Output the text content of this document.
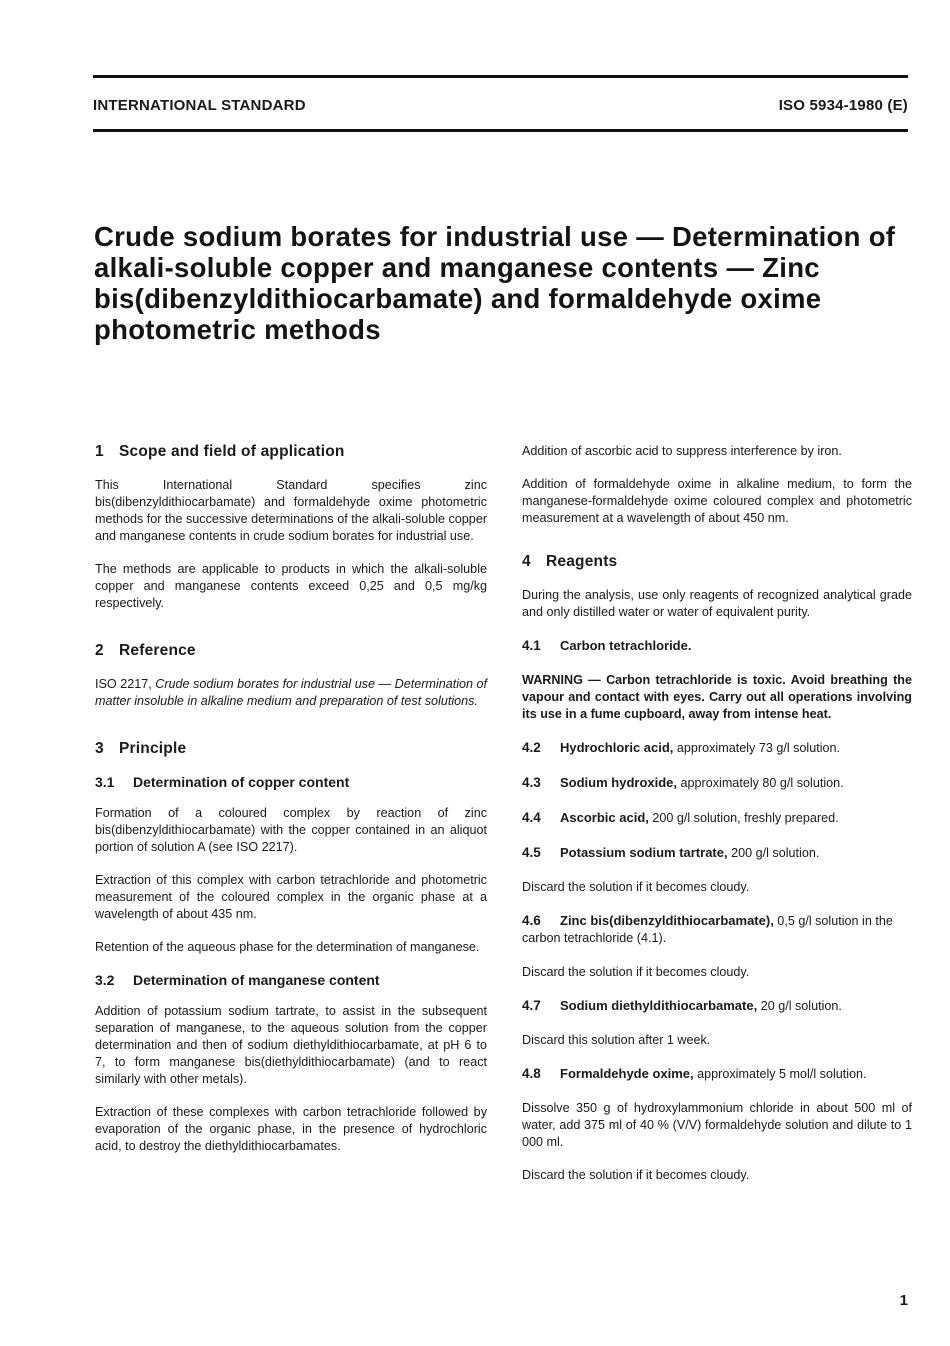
INTERNATIONAL STANDARD	ISO 5934-1980 (E)
Crude sodium borates for industrial use — Determination of alkali-soluble copper and manganese contents — Zinc bis(dibenzyldithiocarbamate) and formaldehyde oxime photometric methods
1 Scope and field of application

This International Standard specifies zinc bis(dibenzyldithiocarbamate) and formaldehyde oxime photometric methods for the successive determinations of the alkali-soluble copper and manganese contents in crude sodium borates for industrial use.

The methods are applicable to products in which the alkali-soluble copper and manganese contents exceed 0,25 and 0,5 mg/kg respectively.

2 Reference

ISO 2217, Crude sodium borates for industrial use — Determination of matter insoluble in alkaline medium and preparation of test solutions.

3 Principle
3.1 Determination of copper content

Formation of a coloured complex by reaction of zinc bis(dibenzyldithiocarbamate) with the copper contained in an aliquot portion of solution A (see ISO 2217).

Extraction of this complex with carbon tetrachloride and photometric measurement of the coloured complex in the organic phase at a wavelength of about 435 nm.

Retention of the aqueous phase for the determination of manganese.

3.2 Determination of manganese content

Addition of potassium sodium tartrate, to assist in the subsequent separation of manganese, to the aqueous solution from the copper determination and then of sodium diethyldithiocarbamate, at pH 6 to 7, to form manganese bis(diethyldithiocarbamate) (and to react similarly with other metals).

Extraction of these complexes with carbon tetrachloride followed by evaporation of the organic phase, in the presence of hydrochloric acid, to destroy the diethyldithiocarbamates.

Addition of ascorbic acid to suppress interference by iron.

Addition of formaldehyde oxime in alkaline medium, to form the manganese-formaldehyde oxime coloured complex and photometric measurement at a wavelength of about 450 nm.

4 Reagents

During the analysis, use only reagents of recognized analytical grade and only distilled water or water of equivalent purity.

4.1 Carbon tetrachloride.
WARNING — Carbon tetrachloride is toxic. Avoid breathing the vapour and contact with eyes. Carry out all operations involving its use in a fume cupboard, away from intense heat.
4.2 Hydrochloric acid, approximately 73 g/l solution.
4.3 Sodium hydroxide, approximately 80 g/l solution.
4.4 Ascorbic acid, 200 g/l solution, freshly prepared.
4.5 Potassium sodium tartrate, 200 g/l solution.

Discard the solution if it becomes cloudy.

4.6 Zinc bis(dibenzyldithiocarbamate), 0,5 g/l solution in the carbon tetrachloride (4.1).

Discard the solution if it becomes cloudy.

4.7 Sodium diethyldithiocarbamate, 20 g/l solution.

Discard this solution after 1 week.

4.8 Formaldehyde oxime, approximately 5 mol/l solution.

Dissolve 350 g of hydroxylammonium chloride in about 500 ml of water, add 375 ml of 40 % (V/V) formaldehyde solution and dilute to 1 000 ml.

Discard the solution if it becomes cloudy.

1
